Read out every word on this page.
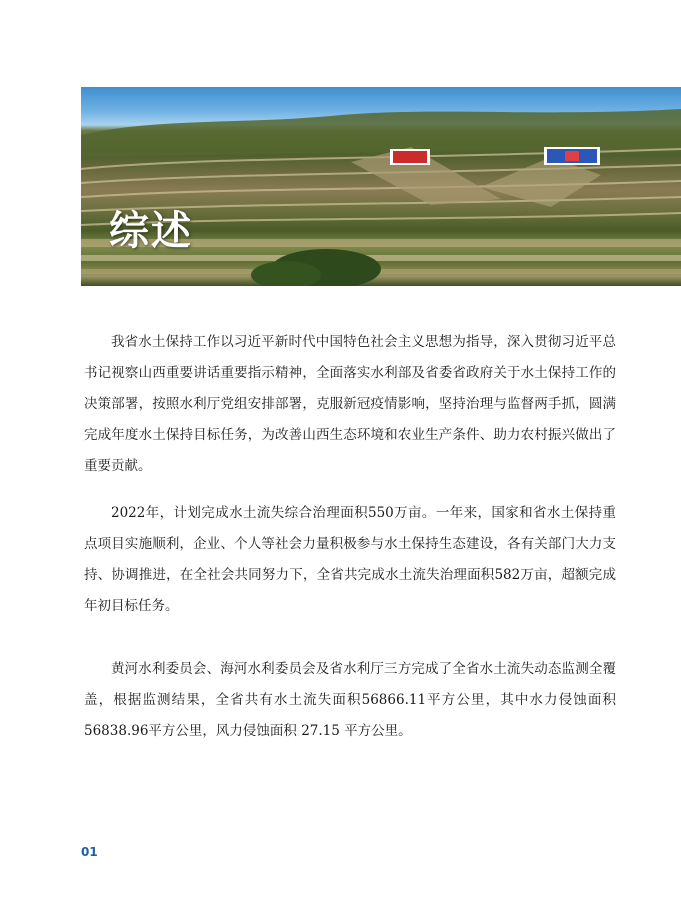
综述

我省水土保持工作以习近平新时代中国特色社会主义思想为指导，深入贯彻习近平总书记视察山西重要讲话重要指示精神，全面落实水利部及省委省政府关于水土保持工作的决策部署，按照水利厅党组安排部署，克服新冠疫情影响，坚持治理与监督两手抓，圆满完成年度水土保持目标任务，为改善山西生态环境和农业生产条件、助力农村振兴做出了重要贡献。

2022年，计划完成水土流失综合治理面积550万亩。一年来，国家和省水土保持重点项目实施顺利，企业、个人等社会力量积极参与水土保持生态建设，各有关部门大力支持、协调推进，在全社会共同努力下，全省共完成水土流失治理面积582万亩，超额完成年初目标任务。

黄河水利委员会、海河水利委员会及省水利厅三方完成了全省水土流失动态监测全覆盖，根据监测结果，全省共有水土流失面积56866.11平方公里，其中水力侵蚀面积56838.96平方公里，风力侵蚀面积 27.15 平方公里。

01
